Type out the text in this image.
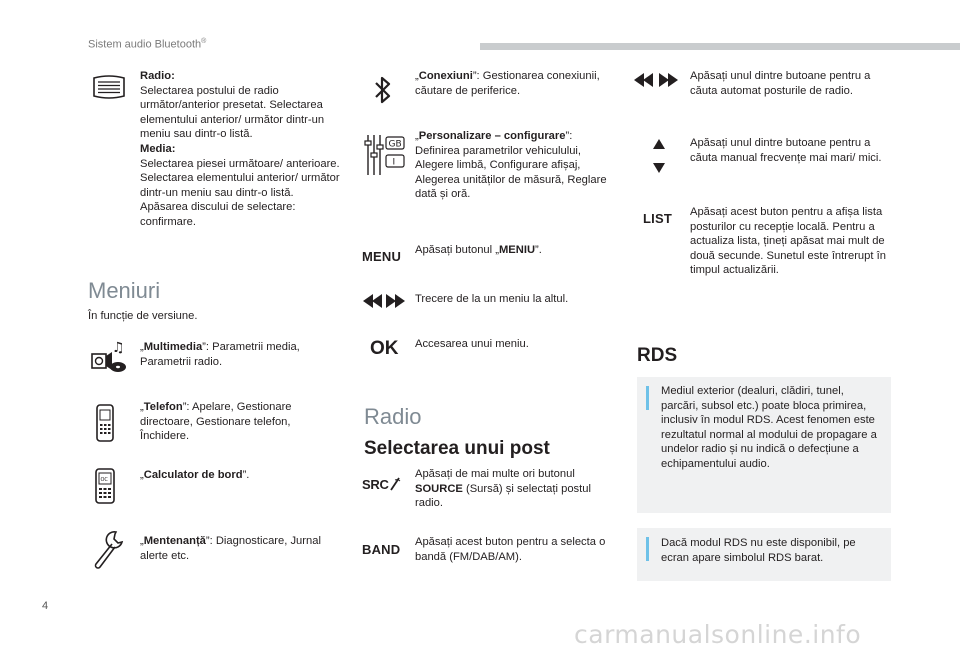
Sistem audio Bluetooth®
Radio:
Selectarea postului de radio următor/anterior presetat. Selectarea elementului anterior/ următor dintr-un meniu sau dintr-o listă.
Media:
Selectarea piesei următoare/ anterioare. Selectarea elementului anterior/ următor dintr-un meniu sau dintr-o listă. Apăsarea discului de selectare: confirmare.
Meniuri
În funcție de versiune.
♫ „Multimedia”: Parametrii media, Parametrii radio.
„Telefon”: Apelare, Gestionare directoare, Gestionare telefon, Închidere.
OC	„Calculator de bord”.
„Mentenanță”: Diagnosticare, Jurnal alerte etc.
„Conexiuni”: Gestionarea conexiunii, căutare de periferice.
GB
I
„Personalizare – configurare”: Definirea parametrilor vehiculului, Alegere limbă, Configurare afișaj, Alegerea unităților de măsură, Reglare dată și oră.
MENU Apăsați butonul „MENIU”.
Trecere de la un meniu la altul.
OK Accesarea unui meniu.
Radio
Selectarea unui post
SRC
Apăsați de mai multe ori butonul SOURCE (Sursă) și selectați postul radio.
BAND Apăsați acest buton pentru a selecta o bandă (FM/DAB/AM).
Apăsați unul dintre butoane pentru a căuta automat posturile de radio.
Apăsați unul dintre butoane pentru a căuta manual frecvențe mai mari/ mici.
LIST Apăsați acest buton pentru a afișa lista posturilor cu recepție locală. Pentru a actualiza lista, țineți apăsat mai mult de două secunde. Sunetul este întrerupt în timpul actualizării.
RDS
Mediul exterior (dealuri, clădiri, tunel, parcări, subsol etc.) poate bloca primirea, inclusiv în modul RDS. Acest fenomen este rezultatul normal al modului de propagare a undelor radio și nu indică o defecțiune a echipamentului audio.
Dacă modul RDS nu este disponibil, pe ecran apare simbolul RDS barat.
4
carmanualsonline.info
